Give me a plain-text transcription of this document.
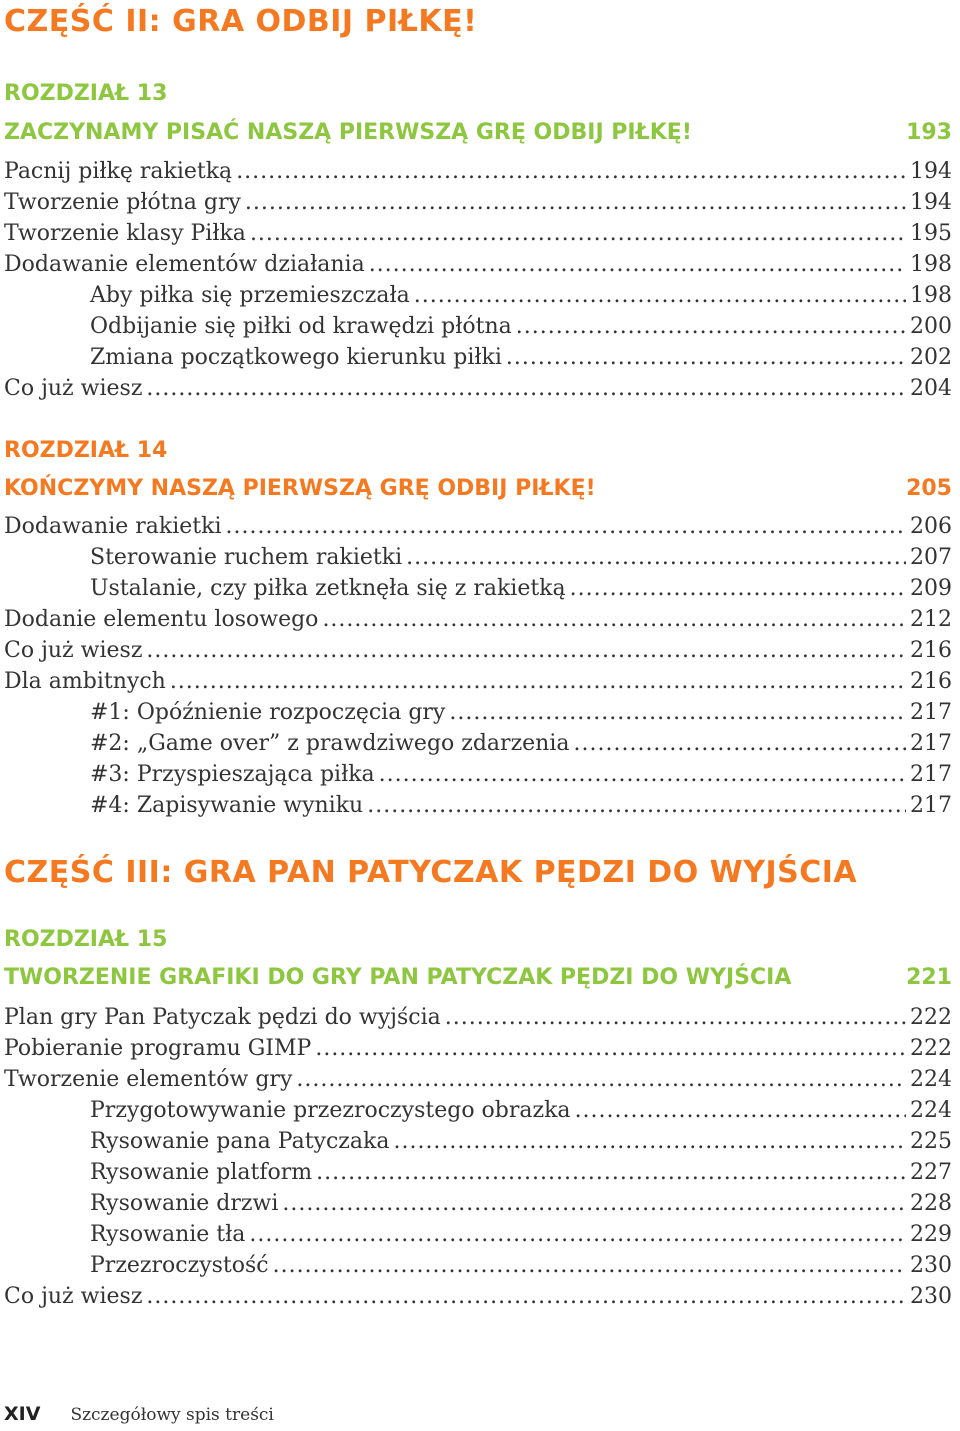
CZĘŚĆ II: GRA ODBIJ PIŁKĘ!
ROZDZIAŁ 13
ZACZYNAMY PISAĆ NASZĄ PIERWSZĄ GRĘ ODBIJ PIŁKĘ!	193
Pacnij piłkę rakietką .....	194
Tworzenie płótna gry .....	194
Tworzenie klasy Piłka .....	195
Dodawanie elementów działania .....	198
Aby piłka się przemieszczała .....	198
Odbijanie się piłki od krawędzi płótna .....	200
Zmiana początkowego kierunku piłki .....	202
Co już wiesz .....	204
ROZDZIAŁ 14
KOŃCZYMY NASZĄ PIERWSZĄ GRĘ ODBIJ PIŁKĘ!	205
Dodawanie rakietki .....	206
Sterowanie ruchem rakietki .....	207
Ustalanie, czy piłka zetknęła się z rakietką .....	209
Dodanie elementu losowego .....	212
Co już wiesz .....	216
Dla ambitnych .....	216
#1: Opóźnienie rozpoczęcia gry .....	217
#2: „Game over” z prawdziwego zdarzenia .....	217
#3: Przyspieszająca piłka .....	217
#4: Zapisywanie wyniku .....	217
CZĘŚĆ III: GRA PAN PATYCZAK PĘDZI DO WYJŚCIA
ROZDZIAŁ 15
TWORZENIE GRAFIKI DO GRY PAN PATYCZAK PĘDZI DO WYJŚCIA	221
Plan gry Pan Patyczak pędzi do wyjścia .....	222
Pobieranie programu GIMP .....	222
Tworzenie elementów gry .....	224
Przygotowywanie przezroczystego obrazka .....	224
Rysowanie pana Patyczaka .....	225
Rysowanie platform .....	227
Rysowanie drzwi .....	228
Rysowanie tła .....	229
Przezroczystość .....	230
Co już wiesz .....	230
XIV Szczegółowy spis treści
